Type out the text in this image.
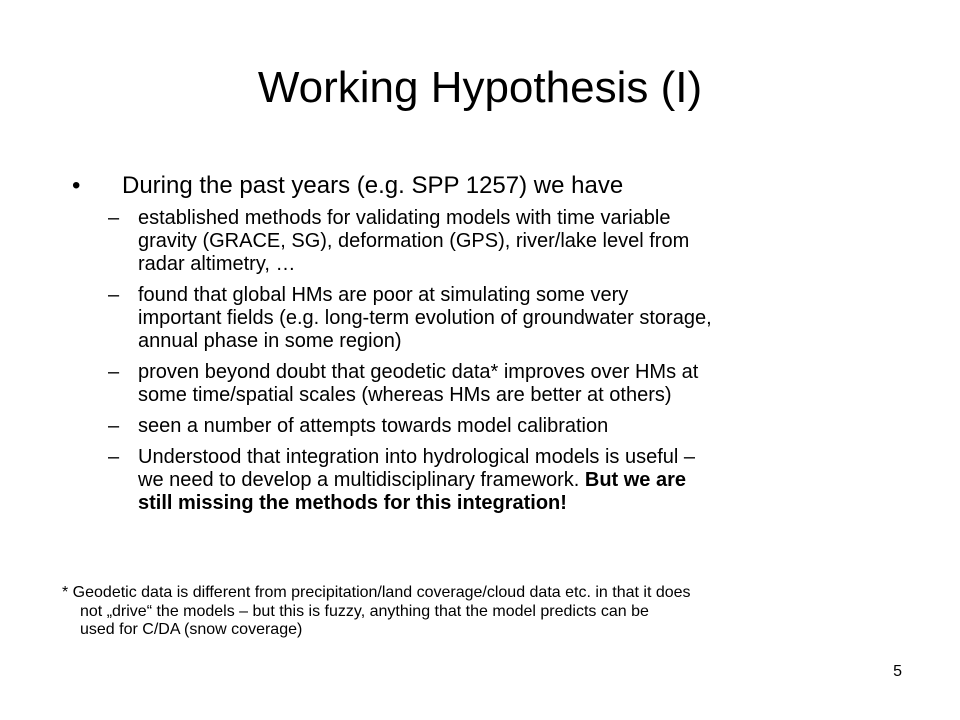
Working Hypothesis (I)
•	During the past years (e.g. SPP 1257) we have
– established methods for validating models with time variable
gravity (GRACE, SG), deformation (GPS), river/lake level from
radar altimetry, …
– found that global HMs are poor at simulating some very
important fields (e.g. long-term evolution of groundwater storage,
annual phase in some region)
– proven beyond doubt that geodetic data* improves over HMs at
some time/spatial scales (whereas HMs are better at others)
– seen a number of attempts towards model calibration
– Understood that integration into hydrological models is useful –
we need to develop a multidisciplinary framework. But we are
still missing the methods for this integration!
* Geodetic data is different from precipitation/land coverage/cloud data etc. in that it does
not „drive“ the models – but this is fuzzy, anything that the model predicts can be
used for C/DA (snow coverage)
5
